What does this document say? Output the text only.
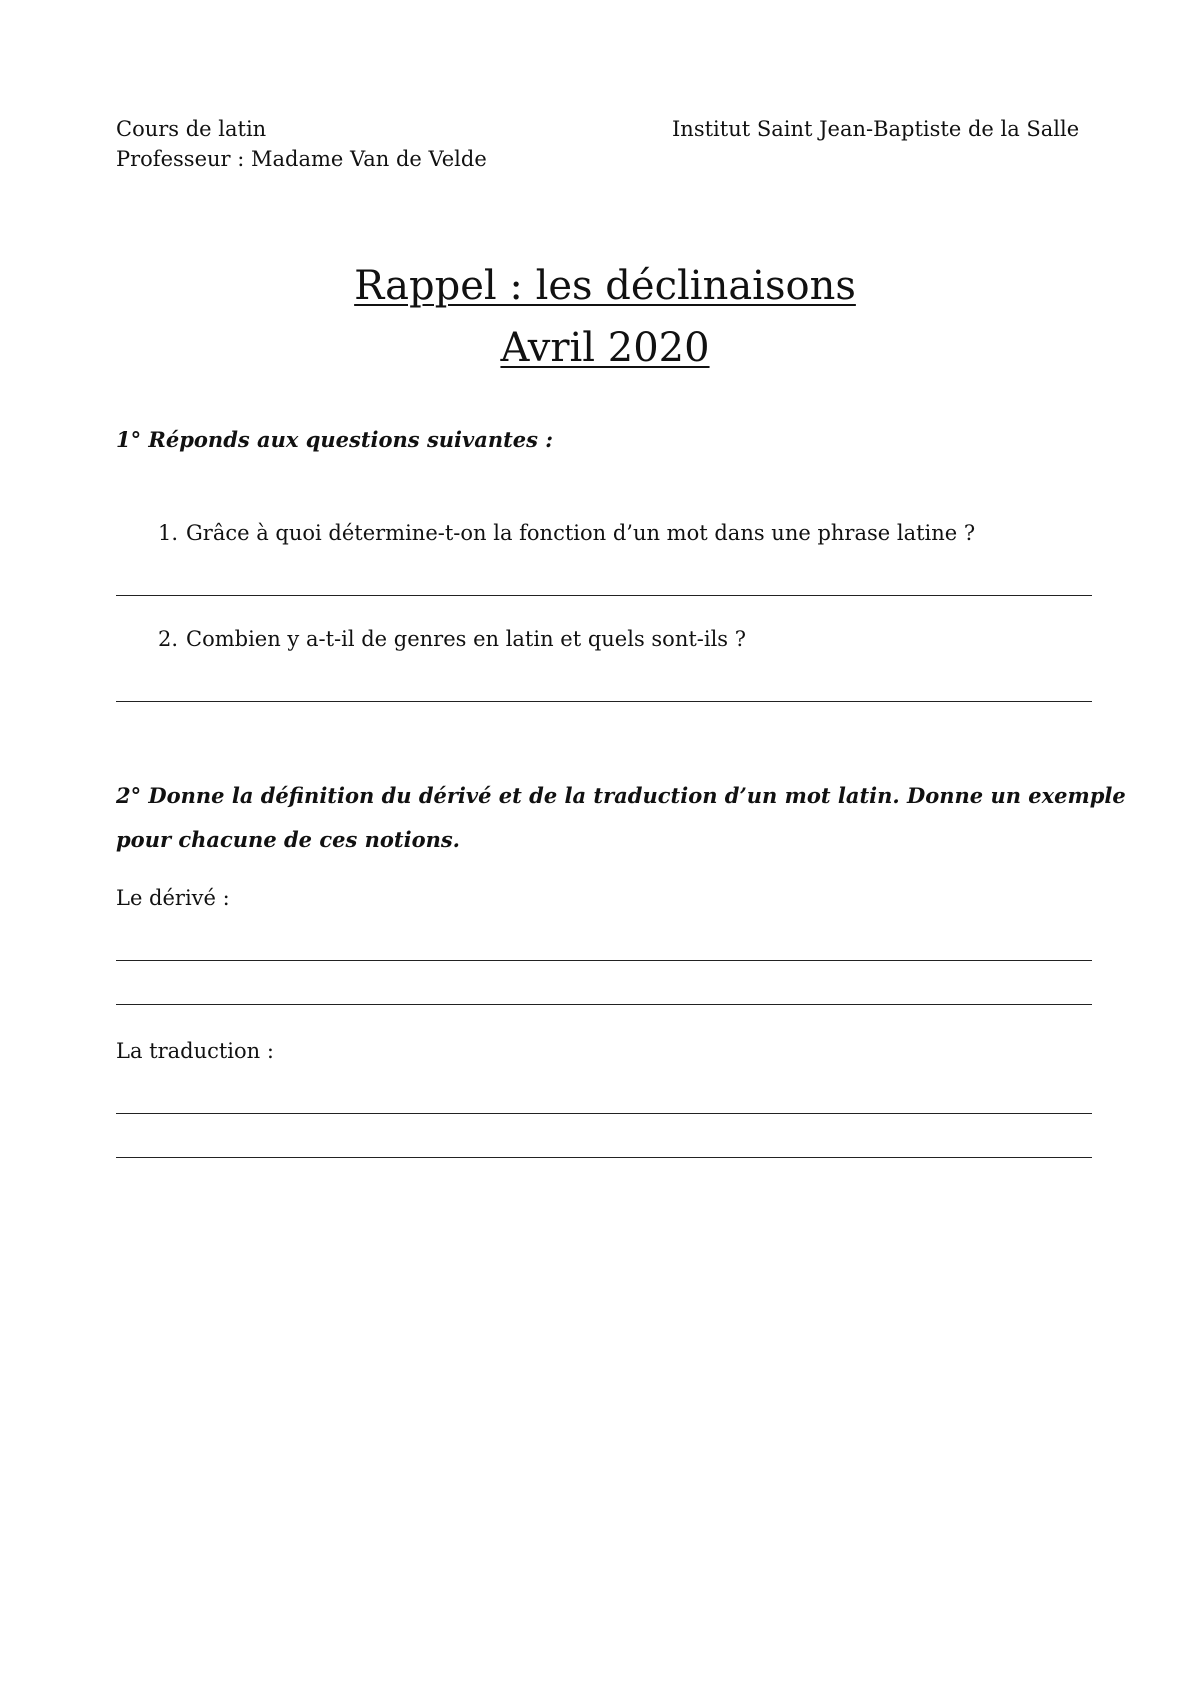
Cours de latin
Professeur : Madame Van de Velde
Institut Saint Jean-Baptiste de la Salle
Rappel : les déclinaisons
Avril 2020
1° Réponds aux questions suivantes :
1. Grâce à quoi détermine-t-on la fonction d’un mot dans une phrase latine ?
2. Combien y a-t-il de genres en latin et quels sont-ils ?
2° Donne la définition du dérivé et de la traduction d’un mot latin. Donne un exemple
pour chacune de ces notions.
Le dérivé :
La traduction :
